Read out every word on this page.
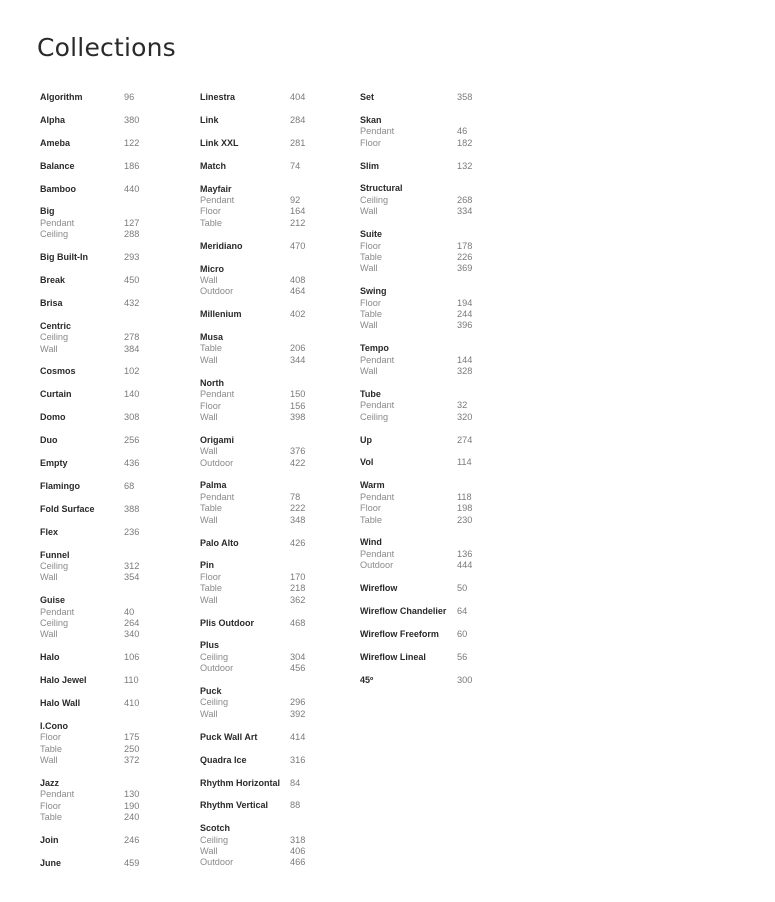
Collections
Algorithm	96
Alpha	380
Ameba	122
Balance	186
Bamboo	440
Big
Pendant	127
Ceiling	288
Big Built-In	293
Break	450
Brisa	432
Centric
Ceiling	278
Wall	384
Cosmos	102
Curtain	140
Domo	308
Duo	256
Empty	436
Flamingo	68
Fold Surface	388
Flex	236
Funnel
Ceiling	312
Wall	354
Guise
Pendant	40
Ceiling	264
Wall	340
Halo	106
Halo Jewel	110
Halo Wall	410
I.Cono
Floor	175
Table	250
Wall	372
Jazz
Pendant	130
Floor	190
Table	240
Join	246
June	459
Linestra	404
Link	284
Link XXL	281
Match	74
Mayfair
Pendant	92
Floor	164
Table	212
Meridiano	470
Micro
Wall	408
Outdoor	464
Millenium	402
Musa
Table	206
Wall	344
North
Pendant	150
Floor	156
Wall	398
Origami
Wall	376
Outdoor	422
Palma
Pendant	78
Table	222
Wall	348
Palo Alto	426
Pin
Floor	170
Table	218
Wall	362
Plis Outdoor	468
Plus
Ceiling	304
Outdoor	456
Puck
Ceiling	296
Wall	392
Puck Wall Art	414
Quadra Ice	316
Rhythm Horizontal 84
Rhythm Vertical 88
Scotch
Ceiling	318
Wall	406
Outdoor	466
Set	358
Skan
Pendant	46
Floor	182
Slim	132
Structural
Ceiling	268
Wall	334
Suite
Floor	178
Table	226
Wall	369
Swing
Floor	194
Table	244
Wall	396
Tempo
Pendant	144
Wall	328
Tube
Pendant	32
Ceiling	320
Up	274
Vol	114
Warm
Pendant	118
Floor	198
Table	230
Wind
Pendant	136
Outdoor	444
Wireflow	50
Wireflow Chandelier 64
Wireflow Freeform 60
Wireflow Lineal	56
45º	300
